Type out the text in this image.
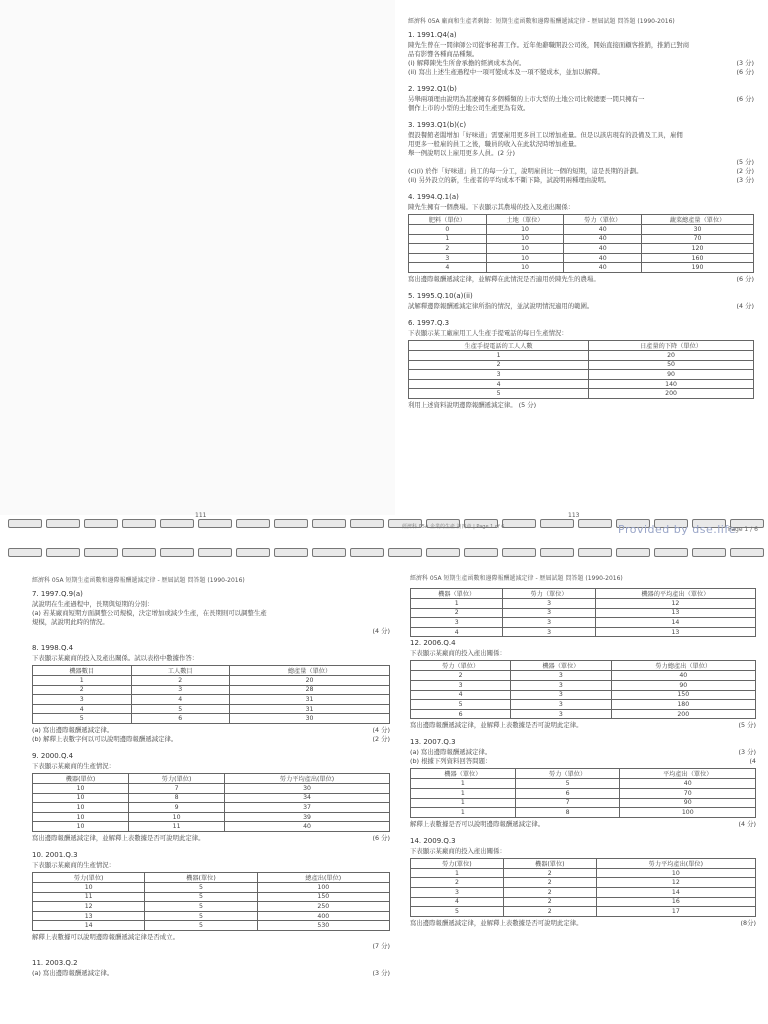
經濟科 05A 廠商和生產者剩餘：短期生產函數和邊際報酬遞減定律 - 歷屆試題 問答題 (1990-2016)
1. 1991.Q4(a)
陳先生曾在一間律師公司從事秘書工作。近年他辭職開設公司後，開始直接面顧客推銷，推銷已對商
品有影響各種商品種類。
(i) 解釋陳先生所會承擔的經濟成本為何。	(3 分)
(ii) 寫出上述生產過程中一項可變成本及一項不變成本，並加以解釋。	(6 分)
2. 1992.Q1(b)
另舉兩項理由說明為甚麼擁有多個種類的上市大型的土地公司比較總要一間只擁有一	(6 分)
個作上市的小型的土地公司生產更為有效。
3. 1993.Q1(b)(c)
假設餐館老闆增加「好味道」需要雇用更多員工以增加產量。但是以該店現有的設備及工具，雇佣
用更多一般雇的員工之後，職員的收入在此狀況時增加產量。
舉一例說明以上雇用更多人員。(2 分)
(5 分)
(c)(i) 於作「好味道」員工的每一分工，說明雇員比一個的短期，這是長期的計劃。	(2 分)
(ii) 另外設立的新，生產者的平均成本不斷下降，試說明兩種理由說明。	(3 分)
4. 1994.Q.1(a)
陳先生擁有一個農場。下表顯示其農場的投入及產出關係：
肥料（單位）	土地（單位）	勞力（單位）	蔬菜總產量（單位）
0	10	40	30
1	10	40	70
2	10	40	120
3	10	40	160
4	10	40	190
寫出邊際報酬遞減定律，並解釋在此情況是否適用於陳先生的農場。	(6 分)
5. 1995.Q.10(a)(ii)
試解釋邊際報酬遞減定律所指的情況，並試說明情況適用的範圍。	(4 分)
6. 1997.Q.3
下表顯示某工廠雇用工人生產手提電話的每日生產情況：
生產手提電話的工人人數	日產量的下降（單位）
1	20
2	50
3	90
4	140
5	200
利用上述資料說明邊際報酬遞減定律。 (5 分)
111	113
經濟科 05A 企業的生產 第四章 | Page 1 of 6	Provided by dse.life
Page 1 / 6
經濟科 05A 短期生產函數和邊際報酬遞減定律 - 歷屆試題 問答題 (1990-2016)
7. 1997.Q.9(a)
試說明在生產過程中，長期與短期的分別：
(a) 若某廠商短期方面調整公司規模，決定增加或減少生產，在長期則可以調整生產
規模，試說明此時的情況。
(4 分)
8. 1998.Q.4
下表顯示某廠商的投入及產出關係。試以表格中數據作答：
機器數目	工人數目	總產量（單位）
1	2	20
2	3	28
3	4	31
4	5	31
5	6	30
(a) 寫出邊際報酬遞減定律。	(4 分)
(b) 解釋上表數字何以可以說明邊際報酬遞減定律。	(2 分)
9. 2000.Q.4
下表顯示某廠商的生產情況：
機器(單位)	勞力(單位)	勞力平均產出(單位)
10	7	30
10	8	34
10	9	37
10	10	39
10	11	40
寫出邊際報酬遞減定律，並解釋上表數據是否可說明此定律。	(6 分)
10. 2001.Q.3
下表顯示某廠商的生產情況：
勞力(單位)	機器(單位)	總產出(單位)
10	5	100
11	5	150
12	5	250
13	5	400
14	5	530
解釋上表數據可以說明邊際報酬遞減定律是否成立。
(7 分)
11. 2003.Q.2
(a) 寫出邊際報酬遞減定律。	(3 分)
經濟科 05A 短期生產函數和邊際報酬遞減定律 - 歷屆試題 問答題 (1990-2016)
機器（單位）	勞力（單位）	機器的平均產出（單位）
1	3	12
2	3	13
3	3	14
4	3	13
12. 2006.Q.4
下表顯示某廠商的投入產出關係：
勞力（單位）	機器（單位）	勞力總產出（單位）
2	3	40
3	3	90
4	3	150
5	3	180
6	3	200
寫出邊際報酬遞減定律，並解釋上表數據是否可說明此定律。	(5 分)
13. 2007.Q.3
(a) 寫出邊際報酬遞減定律。	(3 分)
(b) 根據下列資料回答問題：	(4
機器（單位）	勞力（單位）	平均產出（單位）
1	5	40
1	6	70
1	7	90
1	8	100
解釋上表數據是否可以說明邊際報酬遞減定律。	(4 分)
14. 2009.Q.3
下表顯示某廠商的投入產出關係：
勞力(單位)	機器(單位)	勞力平均產出(單位)
1	2	10
2	2	12
3	2	14
4	2	16
5	2	17
寫出邊際報酬遞減定律，並解釋上表數據是否可說明此定律。	(8分)
